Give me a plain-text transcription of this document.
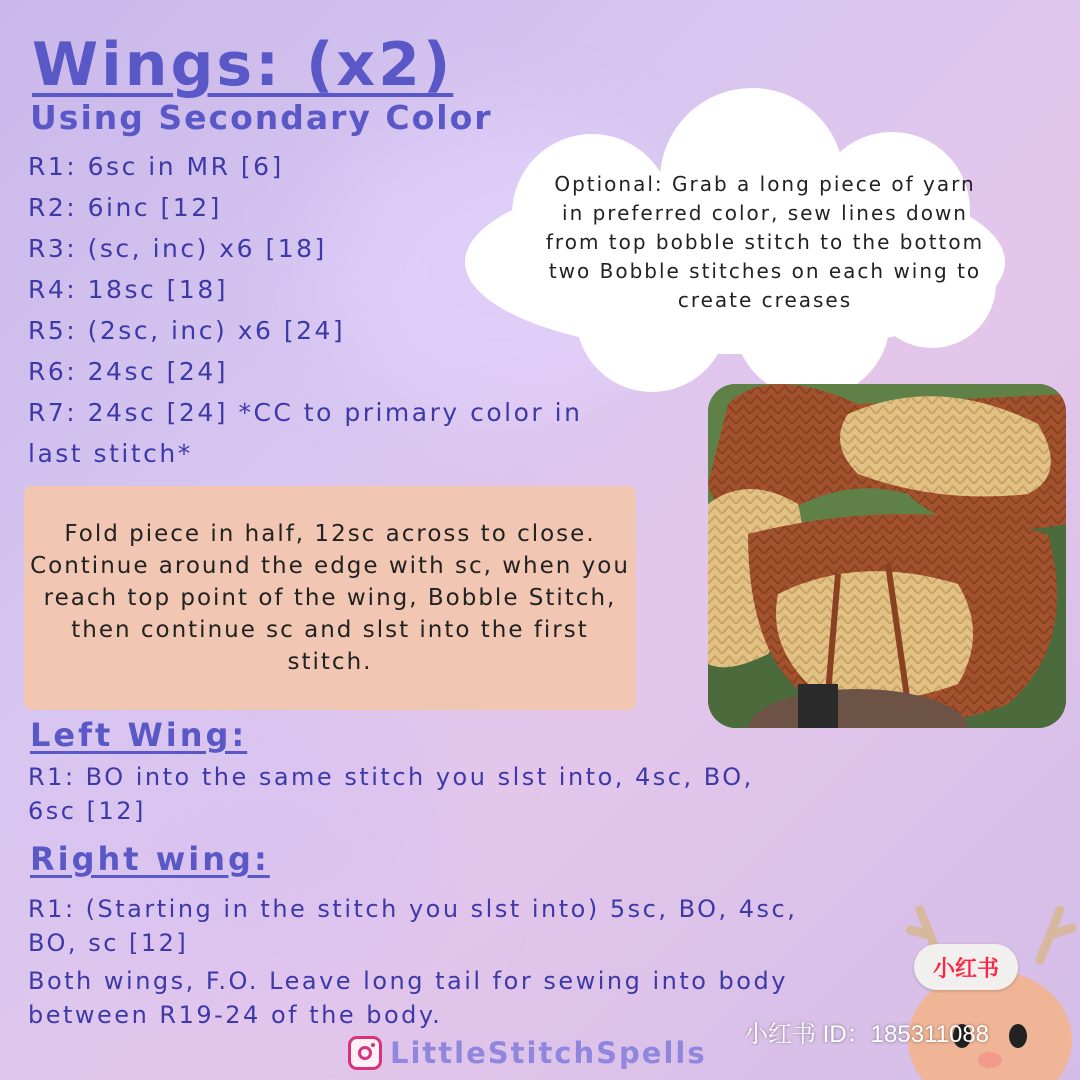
Wings: (x2)
Using Secondary Color
R1: 6sc in MR [6]
R2: 6inc [12]
R3: (sc, inc) x6 [18]
R4: 18sc [18]
R5: (2sc, inc) x6 [24]
R6: 24sc [24]
R7: 24sc [24] *CC to primary color in last stitch*

Fold piece in half, 12sc across to close. Continue around the edge with sc, when you reach top point of the wing, Bobble Stitch, then continue sc and slst into the first stitch.

Optional: Grab a long piece of yarn in preferred color, sew lines down from top bobble stitch to the bottom two Bobble stitches on each wing to create creases

Left Wing:

R1: BO into the same stitch you slst into, 4sc, BO, 6sc [12]

Right wing:

R1: (Starting in the stitch you slst into) 5sc, BO, 4sc, BO, sc [12]

Both wings, F.O. Leave long tail for sewing into body between R19-24 of the body.

小红书
小红书 ID：185311088
LittleStitchSpells
